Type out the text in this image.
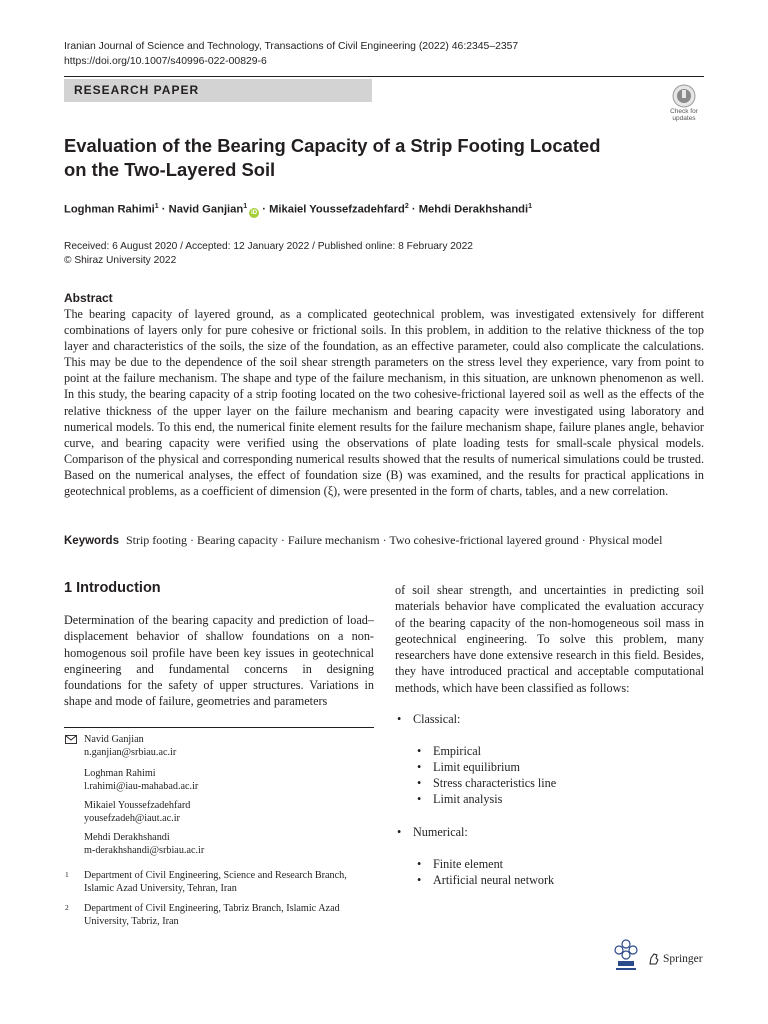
Iranian Journal of Science and Technology, Transactions of Civil Engineering (2022) 46:2345–2357
https://doi.org/10.1007/s40996-022-00829-6
RESEARCH PAPER
Check for updates
Evaluation of the Bearing Capacity of a Strip Footing Located on the Two-Layered Soil
Loghman Rahimi$^1$ · Navid Ganjian$^1$iD · Mikaiel Youssefzadehfard$^2$ · Mehdi Derakhshandi$^1$
Received: 6 August 2020 / Accepted: 12 January 2022 / Published online: 8 February 2022
© Shiraz University 2022
Abstract
The bearing capacity of layered ground, as a complicated geotechnical problem, was investigated extensively for different combinations of layers only for pure cohesive or frictional soils. In this problem, in addition to the relative thickness of the top layer and characteristics of the soils, the size of the foundation, as an effective parameter, could also complicate the calculations. This may be due to the dependence of the soil shear strength parameters on the stress level they experience, vary from point to point at the failure mechanism. The shape and type of the failure mechanism, in this situation, are unknown phenomenon as well. In this study, the bearing capacity of a strip footing located on the two cohesive-frictional layered soil as well as the effects of the relative thickness of the upper layer on the failure mechanism and bearing capacity were investigated using laboratory and numerical models. To this end, the numerical finite element results for the failure mechanism shape, failure planes angle, behavior curve, and bearing capacity were verified using the observations of plate loading tests for small-scale physical models. Comparison of the physical and corresponding numerical results showed that the results of numerical simulations could be trusted. Based on the numerical analyses, the effect of foundation size (B) was examined, and the results for practical applications in geotechnical problems, as a coefficient of dimension (ξ), were presented in the form of charts, tables, and a new correlation.
Keywords Strip footing · Bearing capacity · Failure mechanism · Two cohesive-frictional layered ground · Physical model
1 Introduction
Determination of the bearing capacity and prediction of load–displacement behavior of shallow foundations on a non-homogenous soil profile have been key issues in geotechnical engineering and fundamental concerns in designing foundations for the safety of upper structures. Variations in shape and mode of failure, geometries and parameters
of soil shear strength, and uncertainties in predicting soil materials behavior have complicated the evaluation accuracy of the bearing capacity of the non-homogeneous soil mass in geotechnical engineering. To solve this problem, many researchers have done extensive research in this field. Besides, they have introduced practical and acceptable computational methods, which have been classified as follows:
• Classical:
• Empirical
• Limit equilibrium
• Stress characteristics line
• Limit analysis
• Numerical:
• Finite element
• Artificial neural network
Navid Ganjian
n.ganjian@srbiau.ac.ir
Loghman Rahimi
l.rahimi@iau-mahabad.ac.ir
Mikaiel Youssefzadehfard
yousefzadeh@iaut.ac.ir
Mehdi Derakhshandi
m-derakhshandi@srbiau.ac.ir
1 Department of Civil Engineering, Science and Research Branch, Islamic Azad University, Tehran, Iran
2 Department of Civil Engineering, Tabriz Branch, Islamic Azad University, Tabriz, Iran
Springer
